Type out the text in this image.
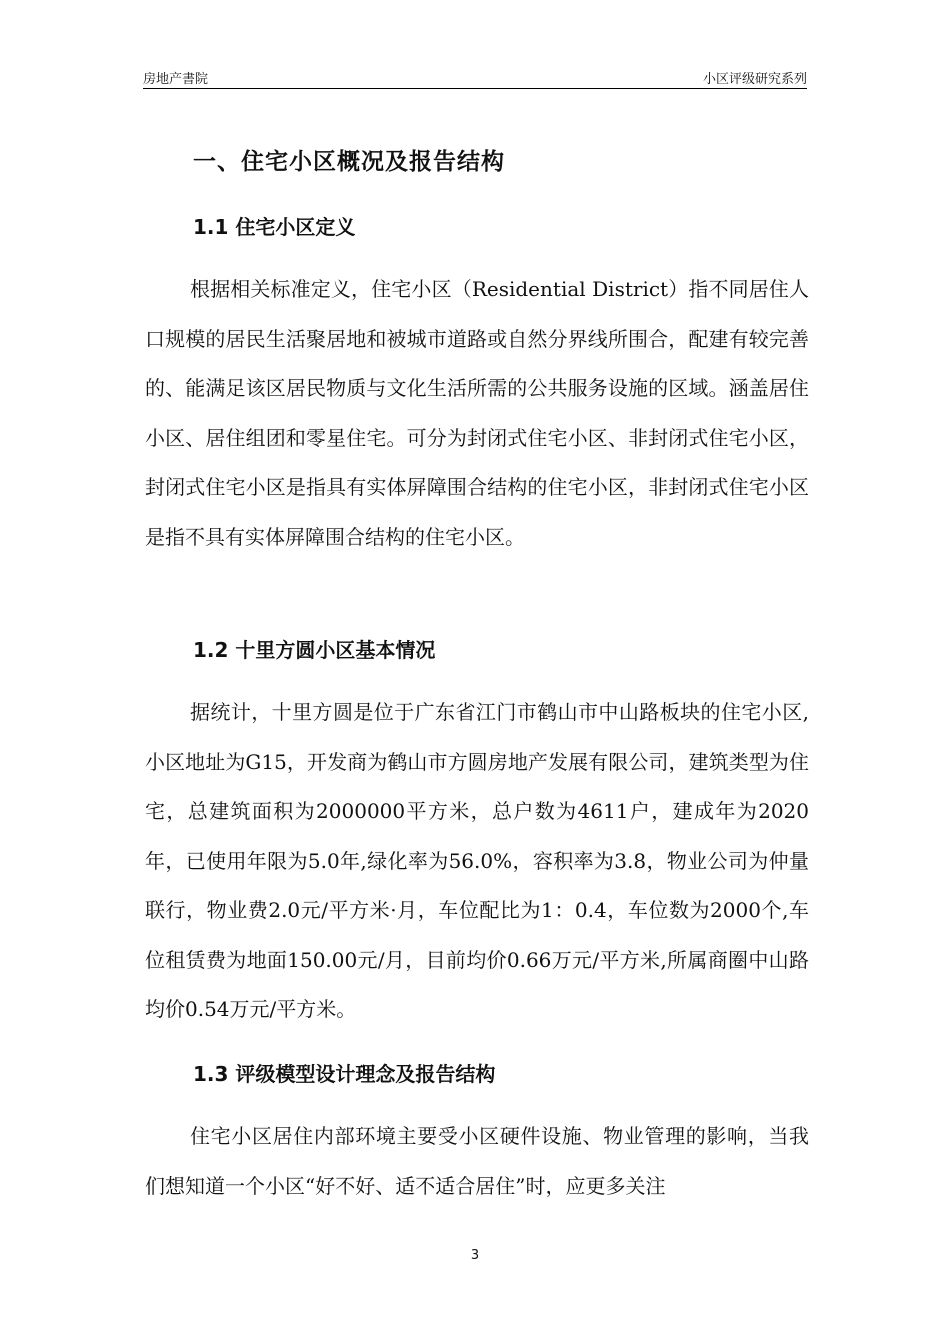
房地产書院	小区评级研究系列
一、住宅小区概况及报告结构
1.1 住宅小区定义

根据相关标准定义，住宅小区（Residential District）指不同居住人口规模的居民生活聚居地和被城市道路或自然分界线所围合，配建有较完善的、能满足该区居民物质与文化生活所需的公共服务设施的区域。涵盖居住小区、居住组团和零星住宅。可分为封闭式住宅小区、非封闭式住宅小区，封闭式住宅小区是指具有实体屏障围合结构的住宅小区，非封闭式住宅小区是指不具有实体屏障围合结构的住宅小区。

1.2 十里方圆小区基本情况

据统计，十里方圆是位于广东省江门市鹤山市中山路板块的住宅小区,小区地址为G15，开发商为鹤山市方圆房地产发展有限公司，建筑类型为住宅，总建筑面积为2000000平方米，总户数为4611户，建成年为2020年，已使用年限为5.0年,绿化率为56.0%，容积率为3.8，物业公司为仲量联行，物业费2.0元/平方米·月，车位配比为1：0.4，车位数为2000个,车位租赁费为地面150.00元/月，目前均价0.66万元/平方米,所属商圈中山路均价0.54万元/平方米。

1.3 评级模型设计理念及报告结构

住宅小区居住内部环境主要受小区硬件设施、物业管理的影响，当我们想知道一个小区“好不好、适不适合居住”时，应更多关注

3
